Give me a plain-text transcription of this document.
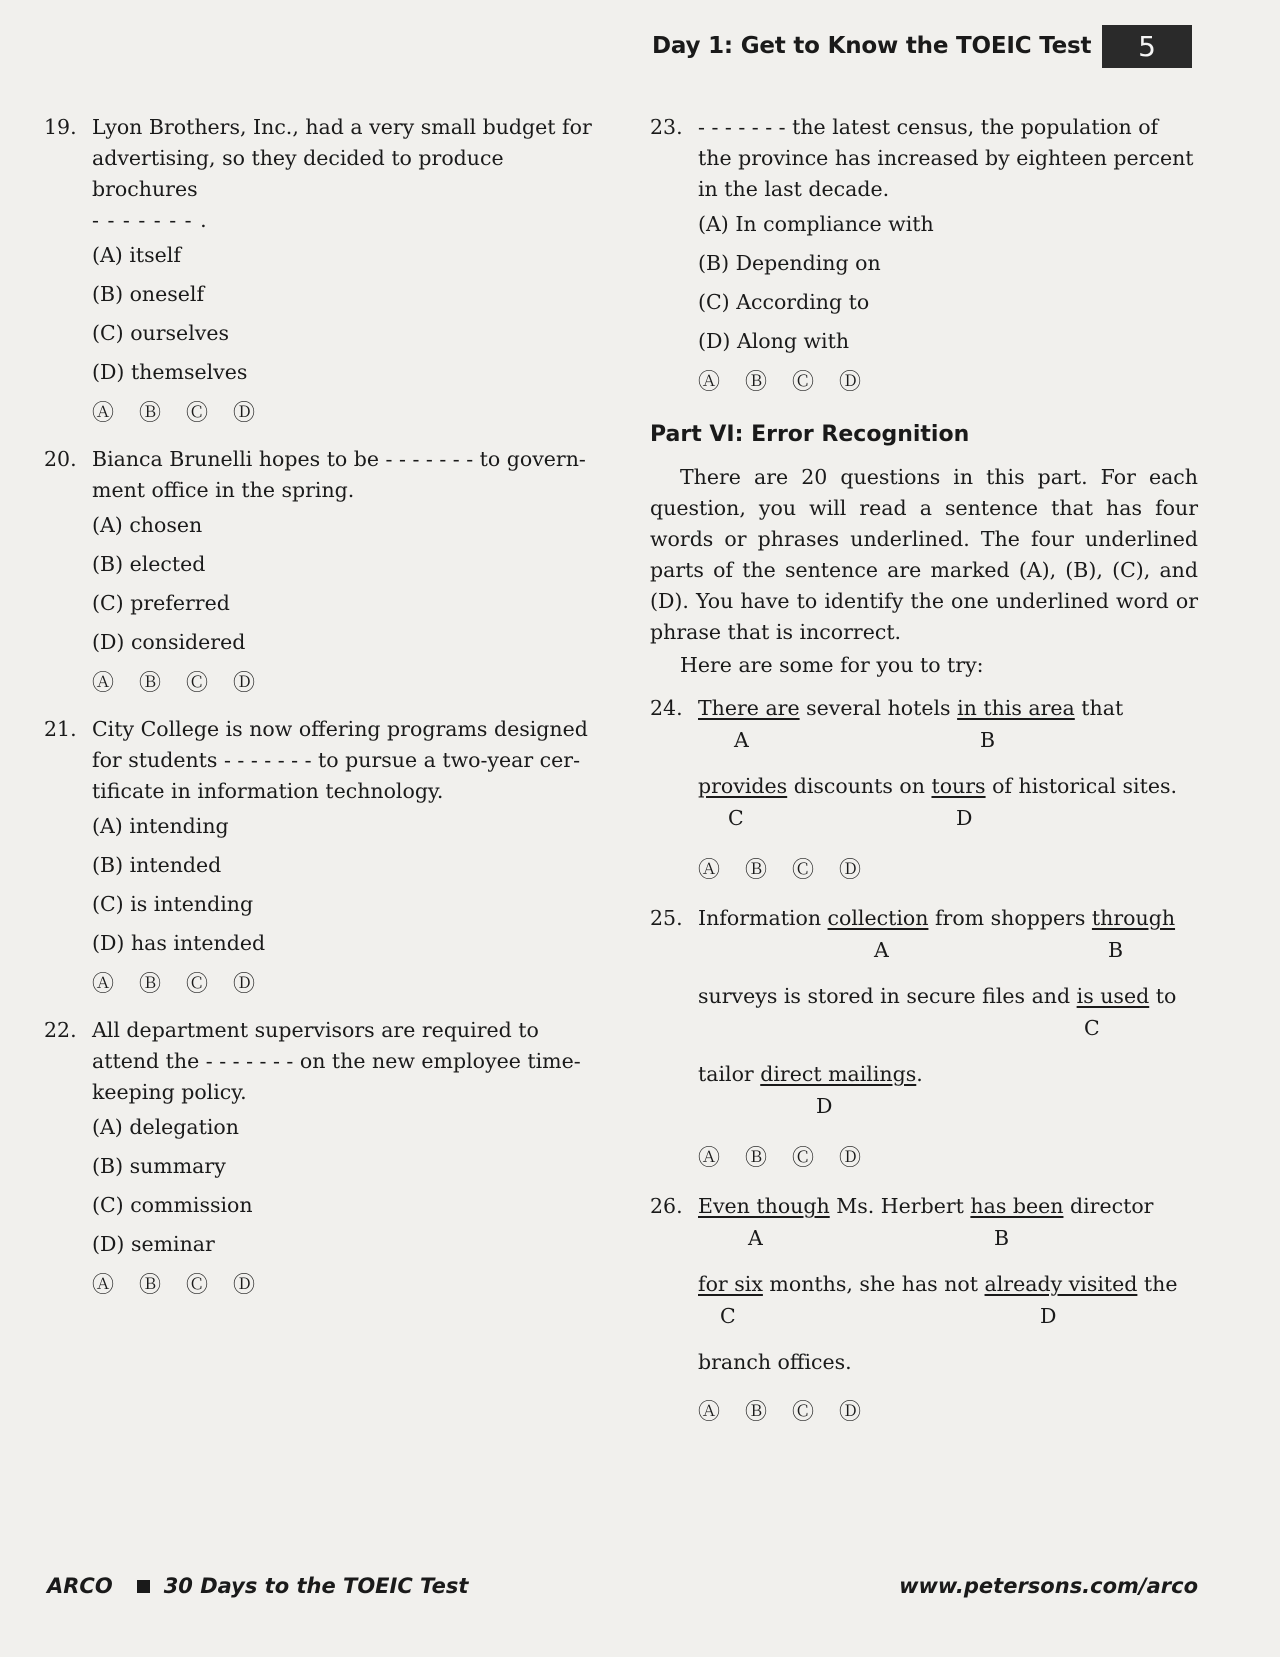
Day 1: Get to Know the TOEIC Test	5
19. Lyon Brothers, Inc., had a very small budget for advertising, so they decided to produce brochures
- - - - - - - .
(A) itself
(B) oneself
(C) ourselves
(D) themselves
Ⓐ Ⓑ Ⓒ Ⓓ
20. Bianca Brunelli hopes to be - - - - - - - to govern- ment office in the spring.
(A) chosen
(B) elected
(C) preferred
(D) considered
Ⓐ Ⓑ Ⓒ Ⓓ
21. City College is now offering programs designed for students - - - - - - - to pursue a two-year cer- tificate in information technology.
(A) intending
(B) intended
(C) is intending
(D) has intended
Ⓐ Ⓑ Ⓒ Ⓓ
22. All department supervisors are required to attend the - - - - - - - on the new employee time-keeping policy.
(A) delegation
(B) summary
(C) commission
(D) seminar
Ⓐ Ⓑ Ⓒ Ⓓ
23. - - - - - - - the latest census, the population of the province has increased by eighteen percent in the last decade.
(A) In compliance with
(B) Depending on
(C) According to
(D) Along with
Ⓐ Ⓑ Ⓒ Ⓓ
Part VI: Error Recognition
There are 20 questions in this part. For each question, you will read a sentence that has four words or phrases underlined. The four underlined parts of the sentence are marked (A), (B), (C), and (D). You have to identify the one underlined word or phrase that is incorrect.
Here are some for you to try:
24. There are several hotels in this area that
A	B
provides discounts on tours of historical sites.
C	D
Ⓐ Ⓑ Ⓒ Ⓓ
25. Information collection from shoppers through
A	B
surveys is stored in secure files and is used to
C
tailor direct mailings.
D
Ⓐ Ⓑ Ⓒ Ⓓ
26. Even though Ms. Herbert has been director
A	B
for six months, she has not already visited the
C	D
branch offices.
Ⓐ Ⓑ Ⓒ Ⓓ
ARCO 30 Days to the TOEIC Test	www.petersons.com/arco
